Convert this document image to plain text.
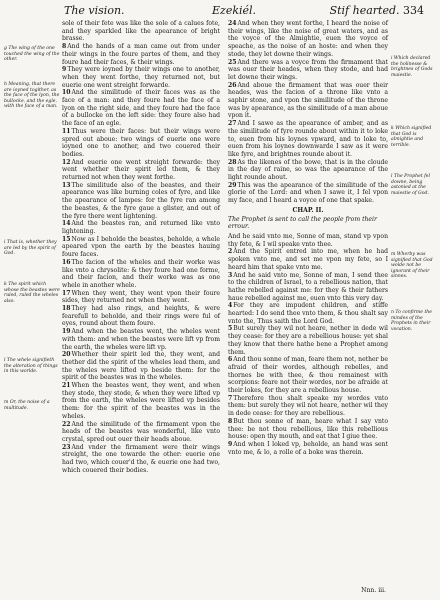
The vision.	Ezekiél.	Stif hearted. 334
g The wing of the one touched the wing of the other.
h Meaning, that there are ioyned togither, as the face of the lyon, the bullocke, and the egle, with the face of a man.
i That is, whether they are led by the spirit of God.
k The spirit which whose the beastes were ruled, ruled the wheles also.
l The whele signifieth the alteration of things in this worlde.
m Or, the noise of a multitude.

sole of their fete was like the sole of a calues fote, and they sparkled like the apearance of bright brasse.

8And the hands of a man came out from under their wings in the foure partes of them, and they foure had their faces, & their wings.

9They were ioyned by their wings one to another, when they went forthe, they returned not, but euerie one went streight forwarde.

10And the similitude of their faces was as the face of a man: and they foure had the face of a lyon on the right side, and they foure had the face of a bullocke on the left side: they foure also had the face of an egle.

11Thus were their faces: but their wings were spred out aboue: two wings of euerie one were ioyned one to another, and two couered their bodies.

12And euerie one went streight forwarde: they went whether their spirit led them, & they returned not when they went forthe.

13The similitude also of the beastes, and their apearance was like burning coles of fyre, and like the apearance of lampes: for the fyre ran among the beastes, & the fyre gaue a glister, and out of the fyre there went lightening.

14And the beastes ran, and returned like vnto lightening.

15Now as I beholde the beastes, beholde, a whele apeared vpon the earth by the beastes hauing foure faces.

16The facion of the wheles and their worke was like vnto a chrysolite: & they foure had one forme, and their facion, and their worke was as one whele in another whele.

17When they went, they went vpon their foure sides, they returned not when they went.

18They had also rings, and heights, & were fearefull to beholde, and their rings were ful of eyes, round about them foure.

19And when the beastes went, the wheles went with them: and when the beastes were lift vp from the earth, the wheles were lift vp.

20Whether their spirit led the, they went, and thether did the spirit of the wheles lead them, and the wheles were lifted vp beside them: for the spirit of the beastes was in the wheles.

21When the beastes went, they went, and when they stode, they stode, & when they were lifted vp from the earth, the wheles were lifted vp besides them: for the spirit of the beastes was in the wheles.

22And the similitude of the firmament vpon the heads of the beastes was wonderful, like vnto crystal, spred out ouer their heads aboue.

23And vnder the firmament were their wings streight, the one towarde the other: euerie one had two, which couer'd the, & euerie one had two, which couered their bodies.

24And when they went forthe, I heard the noise of their wings, like the noise of great waters, and as the voyce of the Almightie, euen the voyce of speache, as the noise of an hoste: and when they stode, they let downe their wings.

25And there was a voyce from the firmament that was ouer their heades, when they stode, and had let downe their wings.

26And aboue the firmament that was ouer their heades, was the facion of a throne like vnto a saphir stone, and vpon the similitude of the throne was by apearance, as the similitude of a man aboue vpon it.

27And I sawe as the apearance of amber, and as the similitude of fyre rounde about within it to loke to, euen from his loynes vpward, and to loke to, euen from his loynes downwarde I saw as it were like fyre, and brightnes rounde about it.

28As the likenes of the bowe, that is in the cloude in the day of raine, so was the apearance of the light rounde about.

29This was the apearance of the similitude of the glorie of the Lord: and when I sawe it, I fel vpon my face, and I heard a voyce of one that spake.

CHAP. II.
The Prophet is sent to call the people from their errour.

And he said vnto me, Sonne of man, stand vp vpon thy fete, & I wil speake vnto thee.

2And the Spirit entred into me, when he had spoken vnto me, and set me vpon my fete, so I heard him that spake vnto me.

3And he said vnto me, Sonne of man, I send thee to the children of Israel, to a rebellious nation, that hathe rebelled against me: for they & their fathers haue rebelled against me, euen vnto this very day.

4For they are impudent children, and stiffe hearted: I do send thee vnto them, & thou shalt say vnto the, Thus saith the Lord God.

5But surely they wil not heare, nether in dede wil they cease: for they are a rebellious house: yet shal they know that there hathe bene a Prophet among them.

6And thou sonne of man, feare them not, nether be afraid of their wordes, although rebelles, and thornes be with thee, & thou remainest with scorpions: feare not their wordes, nor be afraide at their lokes, for they are a rebellious house.

7Therefore thou shalt speake my wordes vnto them: but surely they wil not heare, nether wil they in dede cease: for they are rebellious.

8But thou sonne of man, heare what I say vnto thee: be not thou rebellious, like this rebellious house: open thy mouth, and eat that I giue thee.

9And when I loked vp, beholde, an hand was sent vnto me, & lo, a rolle of a boke was therein.

i Which declared the holinesse & brightnes of Gods maiestie.
k Which signified that God is almightie and terrible.
l The Prophet fel downe, being astonied at the maiestie of God.
m Wherby was signified that God wolde not be ignorant of their sinnes.
n To confirme the mindes of the Prophets in their vocation.
Nnn. iii.
